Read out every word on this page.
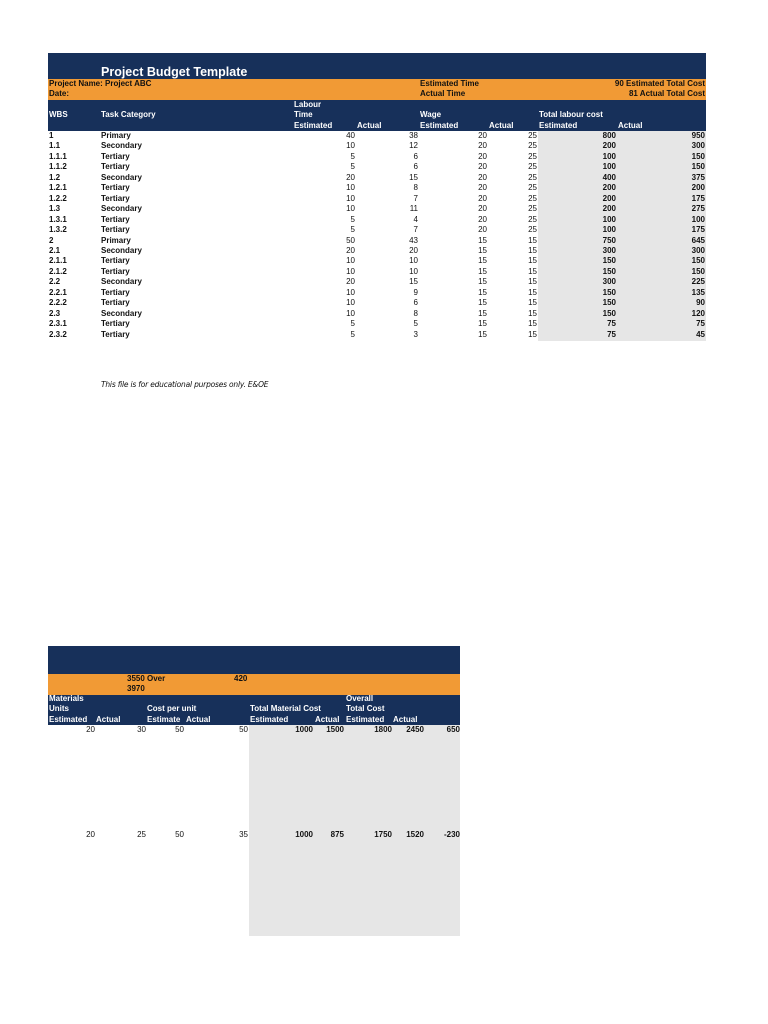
Project Budget Template
Project Name: Project ABC
Date:
Estimated Time
Actual Time
90 Estimated Total Cost
81 Actual Total Cost
WBS	Task Category
Labour
Time
Estimated	Actual
Wage
Estimated	Actual
Total labour cost
Estimated	Actual
1	Primary	40	38	20	25	800	950
1.1	Secondary	10	12	20	25	200	300
1.1.1	Tertiary	5	6	20	25	100	150
1.1.2	Tertiary	5	6	20	25	100	150
1.2	Secondary	20	15	20	25	400	375
1.2.1	Tertiary	10	8	20	25	200	200
1.2.2	Tertiary	10	7	20	25	200	175
1.3	Secondary	10	11	20	25	200	275
1.3.1	Tertiary	5	4	20	25	100	100
1.3.2	Tertiary	5	7	20	25	100	175
2	Primary	50	43	15	15	750	645
2.1	Secondary	20	20	15	15	300	300
2.1.1	Tertiary	10	10	15	15	150	150
2.1.2	Tertiary	10	10	15	15	150	150
2.2	Secondary	20	15	15	15	300	225
2.2.1	Tertiary	10	9	15	15	150	135
2.2.2	Tertiary	10	6	15	15	150	90
2.3	Secondary	10	8	15	15	150	120
2.3.1	Tertiary	5	5	15	15	75	75
2.3.2	Tertiary	5	3	15	15	75	45
This file is for educational purposes only. E&OE
3550 Over	420
3970
Materials
Units
Estimated Actual
Cost per unit
Estimate Actual
Total Material Cost
Estimated	Actual
Overall
Total Cost
Estimated Actual
20	30	50	50	1000	1500	1800	2450	650
20	25	50	35	1000	875	1750	1520	-230
